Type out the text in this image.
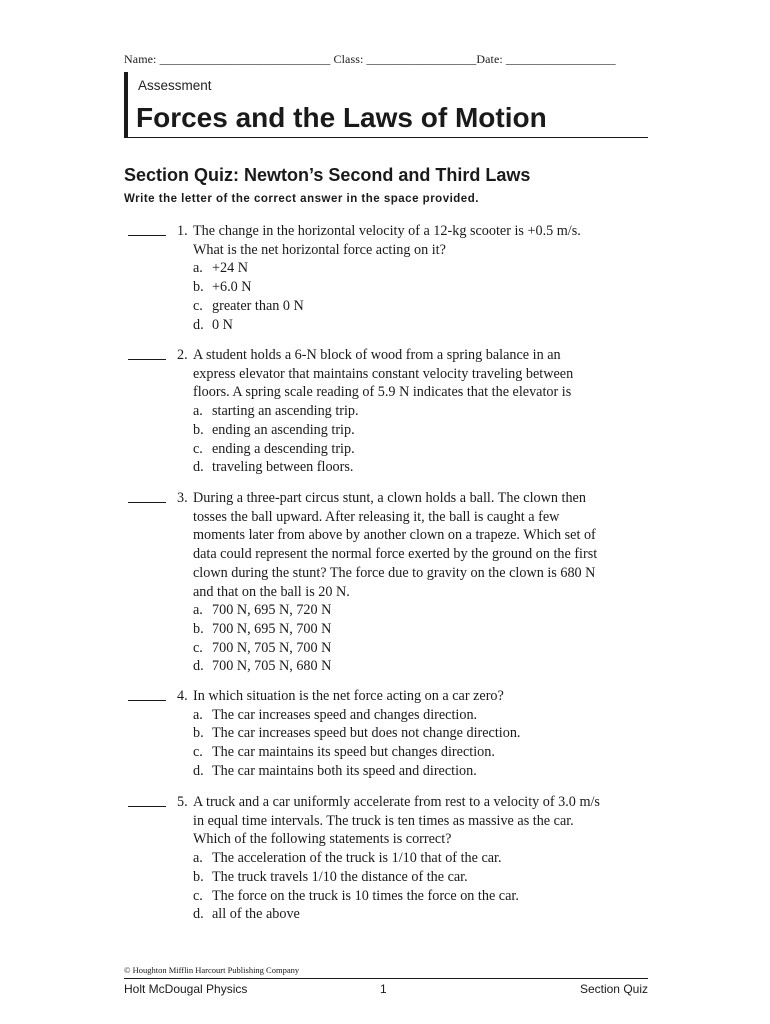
Name: ____________________________ Class: __________________Date: __________________
Assessment
Forces and the Laws of Motion
Section Quiz: Newton’s Second and Third Laws
Write the letter of the correct answer in the space provided.
1. The change in the horizontal velocity of a 12-kg scooter is +0.5 m/s.
What is the net horizontal force acting on it?
a. +24 N
b. +6.0 N
c. greater than 0 N
d. 0 N
2. A student holds a 6-N block of wood from a spring balance in an
express elevator that maintains constant velocity traveling between
floors. A spring scale reading of 5.9 N indicates that the elevator is
a. starting an ascending trip.
b. ending an ascending trip.
c. ending a descending trip.
d. traveling between floors.
3. During a three-part circus stunt, a clown holds a ball. The clown then
tosses the ball upward. After releasing it, the ball is caught a few
moments later from above by another clown on a trapeze. Which set of
data could represent the normal force exerted by the ground on the first
clown during the stunt? The force due to gravity on the clown is 680 N
and that on the ball is 20 N.
a. 700 N, 695 N, 720 N
b. 700 N, 695 N, 700 N
c. 700 N, 705 N, 700 N
d. 700 N, 705 N, 680 N
4. In which situation is the net force acting on a car zero?
a. The car increases speed and changes direction.
b. The car increases speed but does not change direction.
c. The car maintains its speed but changes direction.
d. The car maintains both its speed and direction.
5. A truck and a car uniformly accelerate from rest to a velocity of 3.0 m/s
in equal time intervals. The truck is ten times as massive as the car.
Which of the following statements is correct?
a. The acceleration of the truck is 1/10 that of the car.
b. The truck travels 1/10 the distance of the car.
c. The force on the truck is 10 times the force on the car.
d. all of the above
© Houghton Mifflin Harcourt Publishing Company
Holt McDougal Physics	1	Section Quiz
